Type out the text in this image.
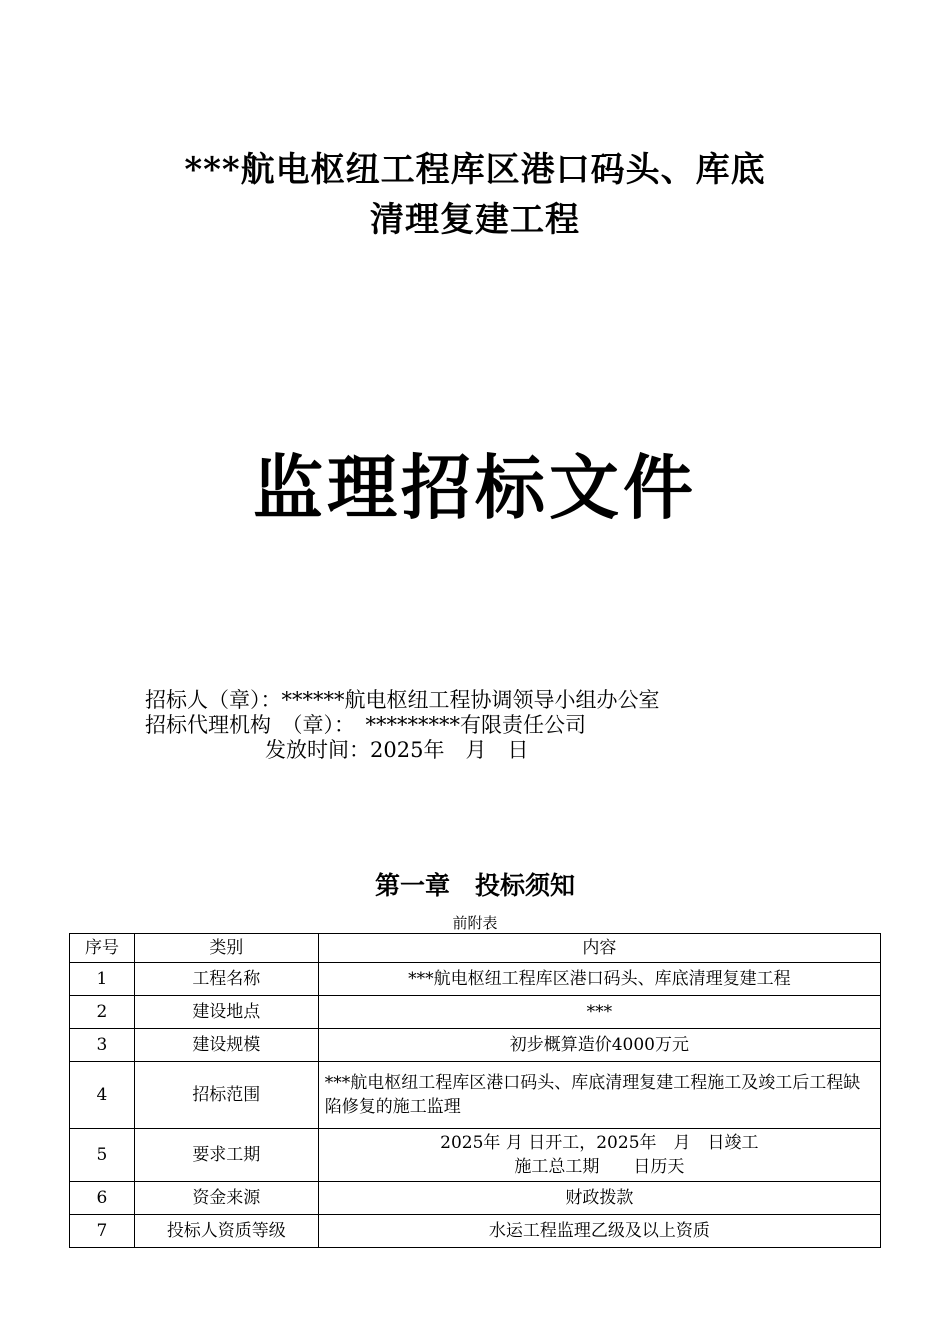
***航电枢纽工程库区港口码头、库底
清理复建工程
监理招标文件
招标人（章）：******航电枢纽工程协调领导小组办公室
招标代理机构　（章）：　*********有限责任公司
发放时间：2025年　月　日
第一章　投标须知
前附表
序号	类别	内容
1	工程名称	***航电枢纽工程库区港口码头、库底清理复建工程
2	建设地点	***
3	建设规模	初步概算造价4000万元
4	招标范围	***航电枢纽工程库区港口码头、库底清理复建工程施工及竣工后工程缺陷修复的施工监理
5	要求工期	2025年 月 日开工，2025年　月　日竣工
施工总工期　　日历天
6	资金来源	财政拨款
7	投标人资质等级	水运工程监理乙级及以上资质
